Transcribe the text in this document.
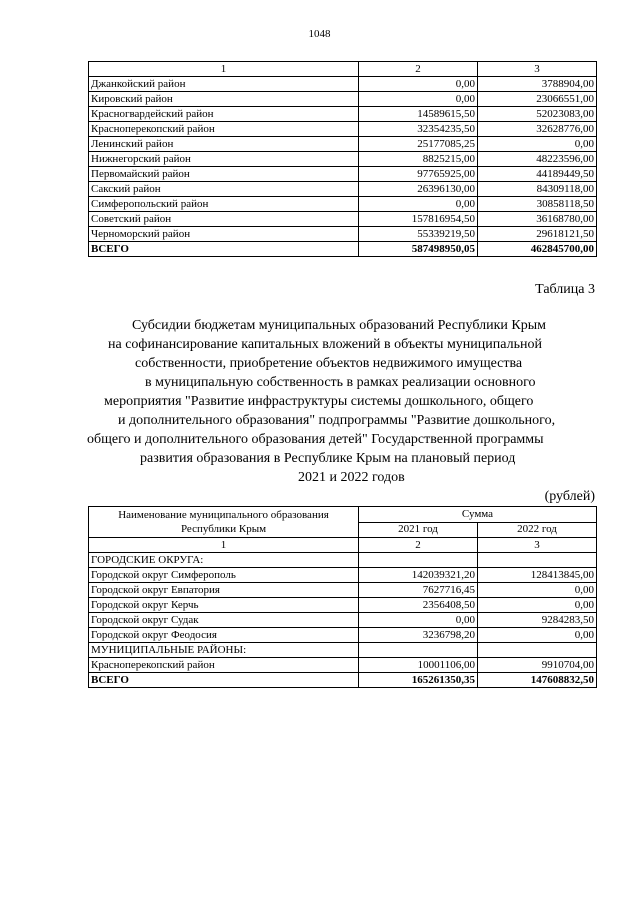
1048
1	2	3
Джанкойский район	0,00	3788904,00
Кировский район	0,00	23066551,00
Красногвардейский район	14589615,50	52023083,00
Красноперекопский район	32354235,50	32628776,00
Ленинский район	25177085,25	0,00
Нижнегорский район	8825215,00	48223596,00
Первомайский район	97765925,00	44189449,50
Сакский район	26396130,00	84309118,00
Симферопольский район	0,00	30858118,50
Советский район	157816954,50	36168780,00
Черноморский район	55339219,50	29618121,50
ВСЕГО	587498950,05	462845700,00
Таблица 3
Субсидии бюджетам муниципальных образований Республики Крым
на софинансирование капитальных вложений в объекты муниципальной
собственности, приобретение объектов недвижимого имущества
в муниципальную собственность в рамках реализации основного
мероприятия "Развитие инфраструктуры системы дошкольного, общего
и дополнительного образования" подпрограммы "Развитие дошкольного,
общего и дополнительного образования детей" Государственной программы
развития образования в Республике Крым на плановый период
2021 и 2022 годов
(рублей)
Наименование муниципального образования Республики Крым	Сумма	
	2021 год	2022 год
1	2	3
ГОРОДСКИЕ ОКРУГА:		
Городской округ Симферополь	142039321,20	128413845,00
Городской округ Евпатория	7627716,45	0,00
Городской округ Керчь	2356408,50	0,00
Городской округ Судак	0,00	9284283,50
Городской округ Феодосия	3236798,20	0,00
МУНИЦИПАЛЬНЫЕ РАЙОНЫ:		
Красноперекопский район	10001106,00	9910704,00
ВСЕГО	165261350,35	147608832,50
